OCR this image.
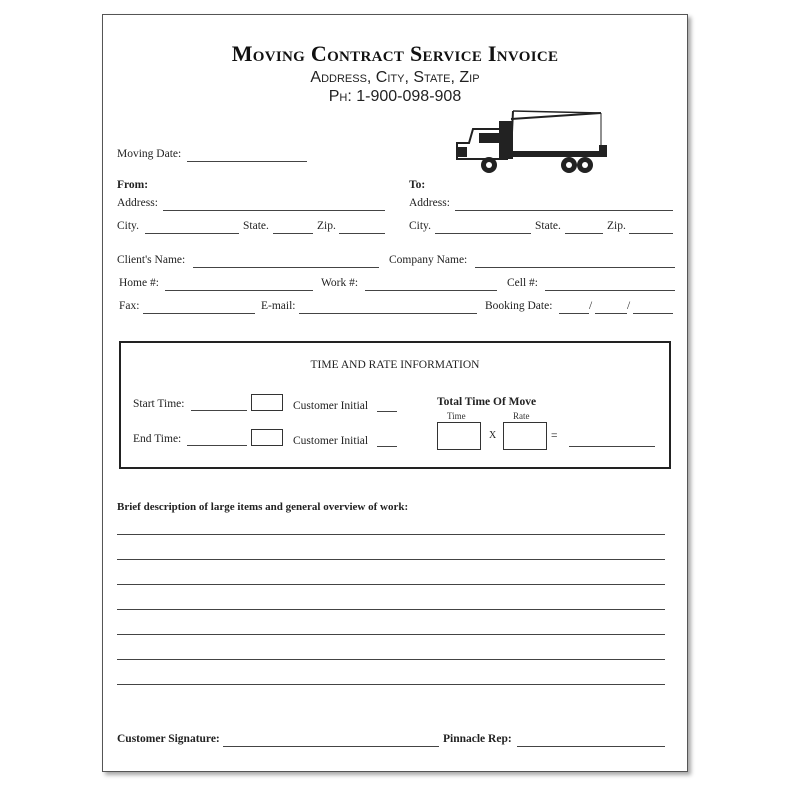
Moving Contract Service Invoice
Address, City, State, Zip
Ph: 1-900-098-908
Moving Date:
From:	To:
Address:	Address:
City.	State.	Zip.	City.	State.	Zip.
Client's Name:	Company Name:
Home #:	Work #:	Cell #:
Fax:	E-mail:	Booking Date:	/	/
TIME AND RATE INFORMATION
Start Time:	Customer Initial
End Time:	Customer Initial
Total Time Of Move
Time	Rate
X	=
Brief description of large items and general overview of work:
Customer Signature:	Pinnacle Rep:
